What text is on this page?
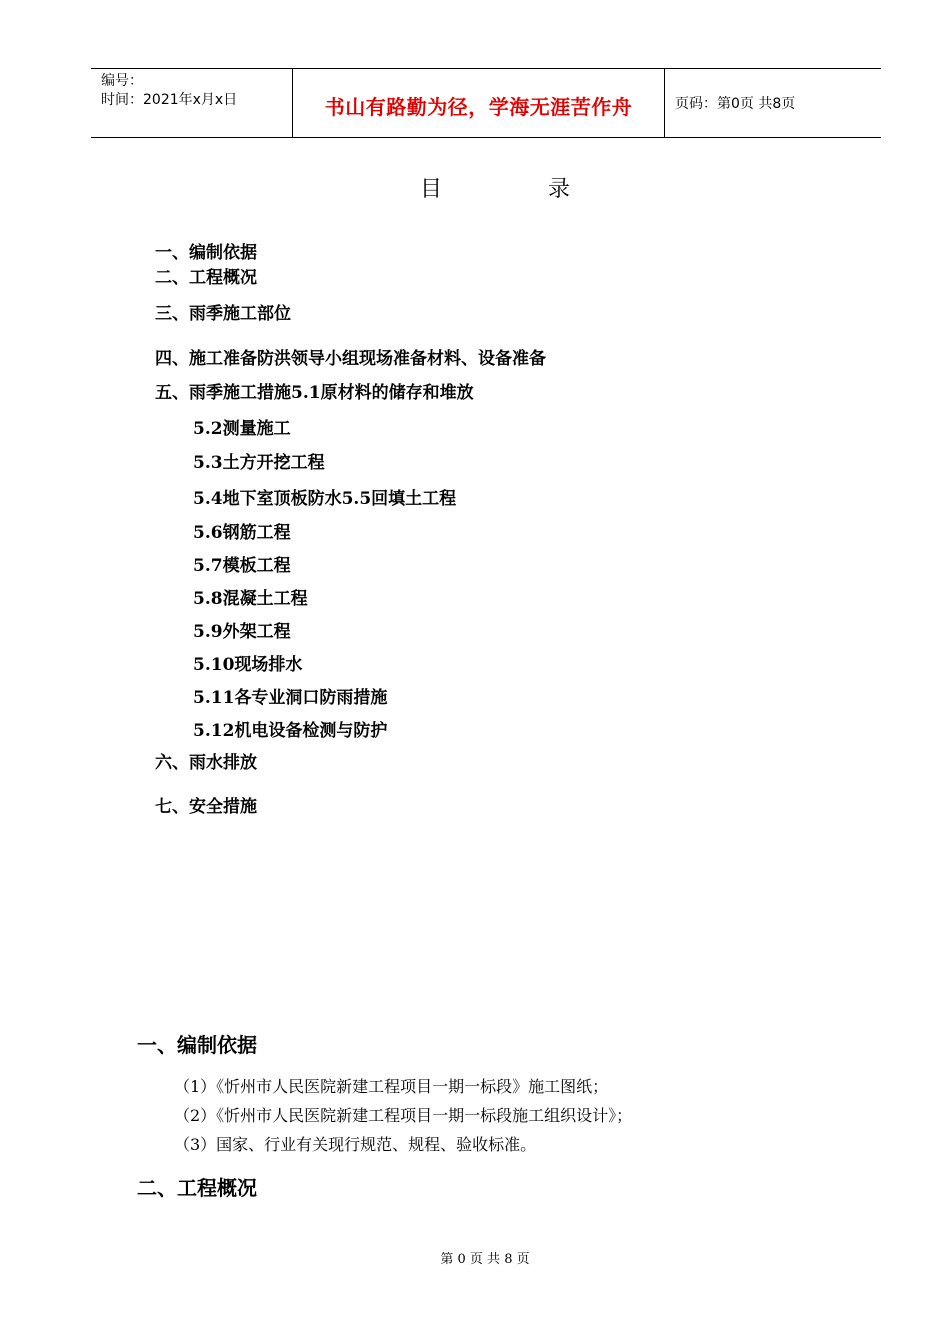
编号：
时间：2021年x月x日	书山有路勤为径，学海无涯苦作舟	页码：第0页 共8页
目	录
一、编制依据
二、工程概况
三、雨季施工部位
四、施工准备防洪领导小组现场准备材料、设备准备
五、雨季施工措施5.1原材料的储存和堆放
5.2测量施工
5.3土方开挖工程
5.4地下室顶板防水5.5回填土工程
5.6钢筋工程
5.7模板工程
5.8混凝土工程
5.9外架工程
5.10现场排水
5.11各专业洞口防雨措施
5.12机电设备检测与防护
六、雨水排放
七、安全措施
一、编制依据
（1）《忻州市人民医院新建工程项目一期一标段》施工图纸；
（2）《忻州市人民医院新建工程项目一期一标段施工组织设计》；
（3）国家、行业有关现行规范、规程、验收标准。
二、工程概况
第 0 页 共 8 页
